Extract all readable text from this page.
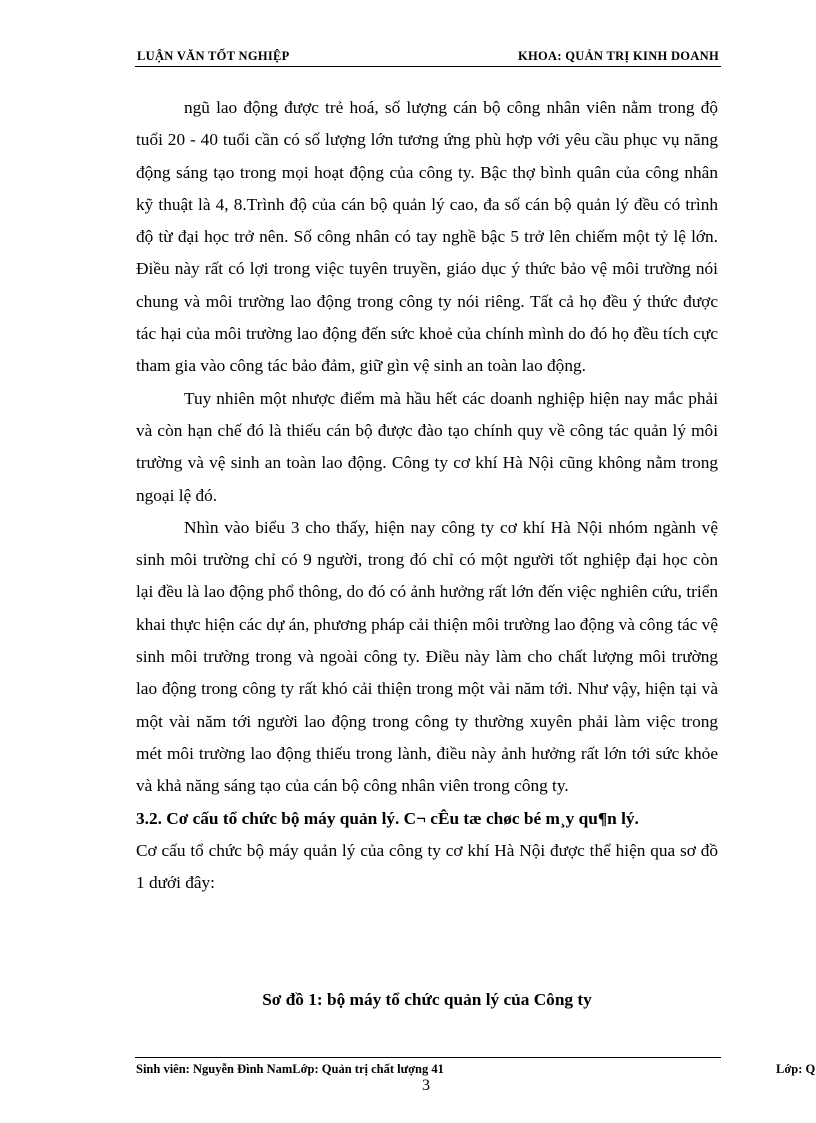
LUẬN VĂN TỐT NGHIỆP	KHOA: QUẢN TRỊ KINH DOANH

ngũ lao động được trẻ hoá, số lượng cán bộ công nhân viên nằm trong độ tuổi 20 - 40 tuổi cần có số lượng lớn tương ứng phù hợp với yêu cầu phục vụ năng động sáng tạo trong mọi hoạt động của công ty. Bậc thợ bình quân của công nhân kỹ thuật là 4, 8.Trình độ của cán bộ quản lý cao, đa số cán bộ quản lý đều có trình độ từ đại học trở nên. Số công nhân có tay nghề bậc 5 trở lên chiếm một tỷ lệ lớn. Điều này rất có lợi trong việc tuyên truyền, giáo dục ý thức bảo vệ môi trường nói chung và môi trường lao động trong công ty nói riêng. Tất cả họ đều ý thức được tác hại của môi trường lao động đến sức khoẻ của chính mình do đó họ đều tích cực tham gia vào công tác bảo đảm, giữ gìn vệ sinh an toàn lao động.

Tuy nhiên một nhược điểm mà hầu hết các doanh nghiệp hiện nay mắc phải và còn hạn chế đó là thiếu cán bộ được đào tạo chính quy về công tác quản lý môi trường và vệ sinh an toàn lao động. Công ty cơ khí Hà Nội cũng không nằm trong ngoại lệ đó.

Nhìn vào biểu 3 cho thấy, hiện nay công ty cơ khí Hà Nội nhóm ngành vệ sinh môi trường chỉ có 9 người, trong đó chỉ có một người tốt nghiệp đại học còn lại đều là lao động phổ thông, do đó có ảnh hưởng rất lớn đến việc nghiên cứu, triển khai thực hiện các dự án, phương pháp cải thiện môi trường lao động và công tác vệ sinh môi trường trong và ngoài công ty. Điều này làm cho chất lượng môi trường lao động trong công ty rất khó cải thiện trong một vài năm tới. Như vậy, hiện tại và một vài năm tới người lao động trong công ty thường xuyên phải làm việc trong mét môi trường lao động thiếu trong lành, điều này ảnh hưởng rất lớn tới sức khỏe và khả năng sáng tạo của cán bộ công nhân viên trong công ty.

3.2. Cơ cấu tổ chức bộ máy quản lý. C¬ cÊu tæ chøc bé m¸y qu¶n lý.

Cơ cấu tổ chức bộ máy quản lý của công ty cơ khí Hà Nội được thể hiện qua sơ đồ 1 dưới đây:

Sơ đồ 1: bộ máy tổ chức quản lý của Công ty
Sinh viên: Nguyễn Đình NamLớp: Quản trị chất lượng 41	Lớp: Q
3
